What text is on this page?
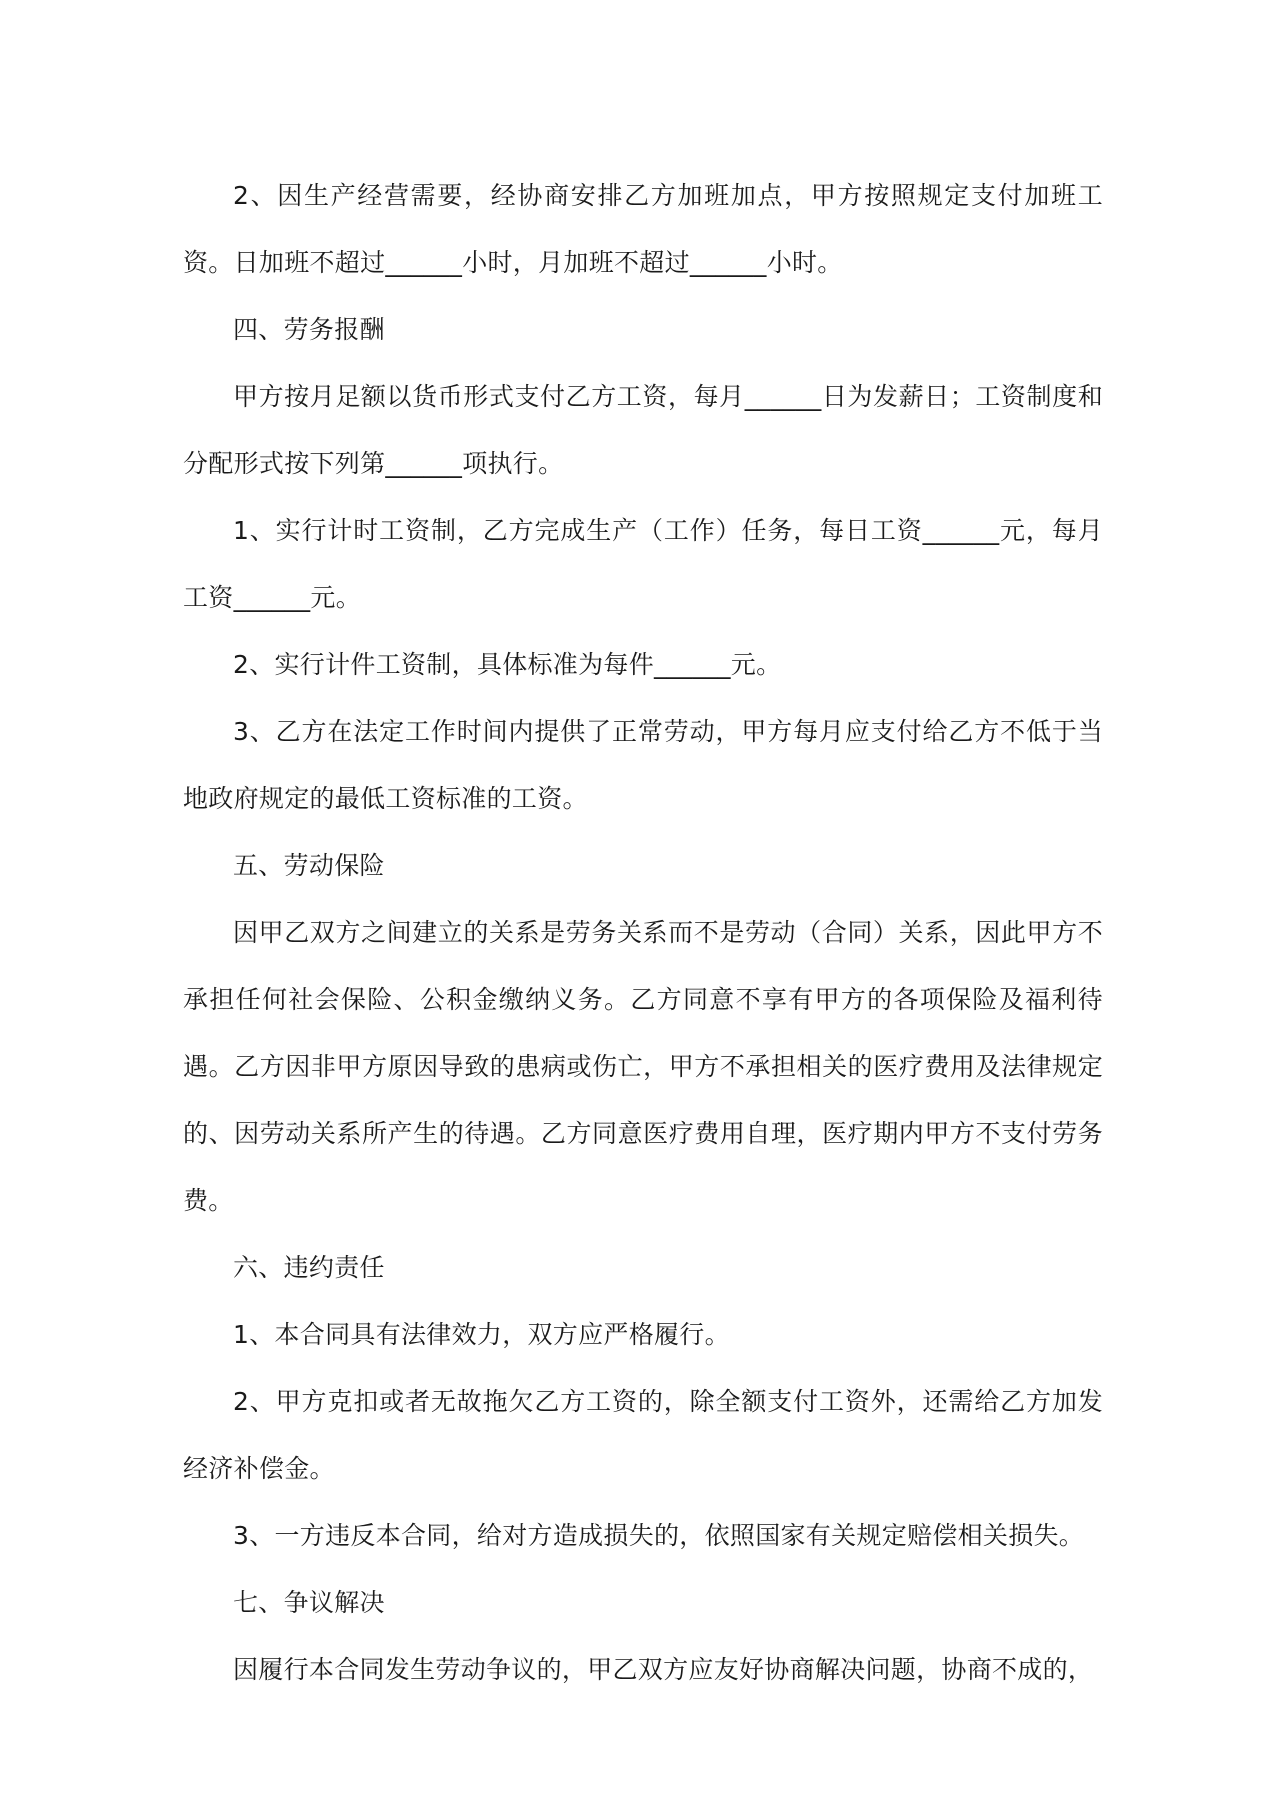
2、因生产经营需要，经协商安排乙方加班加点，甲方按照规定支付加班工资。日加班不超过______小时，月加班不超过______小时。

四、劳务报酬

甲方按月足额以货币形式支付乙方工资，每月______日为发薪日；工资制度和分配形式按下列第______项执行。

1、实行计时工资制，乙方完成生产（工作）任务，每日工资______元，每月工资______元。

2、实行计件工资制，具体标准为每件______元。

3、乙方在法定工作时间内提供了正常劳动，甲方每月应支付给乙方不低于当地政府规定的最低工资标准的工资。

五、劳动保险

因甲乙双方之间建立的关系是劳务关系而不是劳动（合同）关系，因此甲方不承担任何社会保险、公积金缴纳义务。乙方同意不享有甲方的各项保险及福利待遇。乙方因非甲方原因导致的患病或伤亡，甲方不承担相关的医疗费用及法律规定的、因劳动关系所产生的待遇。乙方同意医疗费用自理，医疗期内甲方不支付劳务费。

六、违约责任

1、本合同具有法律效力，双方应严格履行。

2、甲方克扣或者无故拖欠乙方工资的，除全额支付工资外，还需给乙方加发经济补偿金。

3、一方违反本合同，给对方造成损失的，依照国家有关规定赔偿相关损失。

七、争议解决

因履行本合同发生劳动争议的，甲乙双方应友好协商解决问题，协商不成的，
